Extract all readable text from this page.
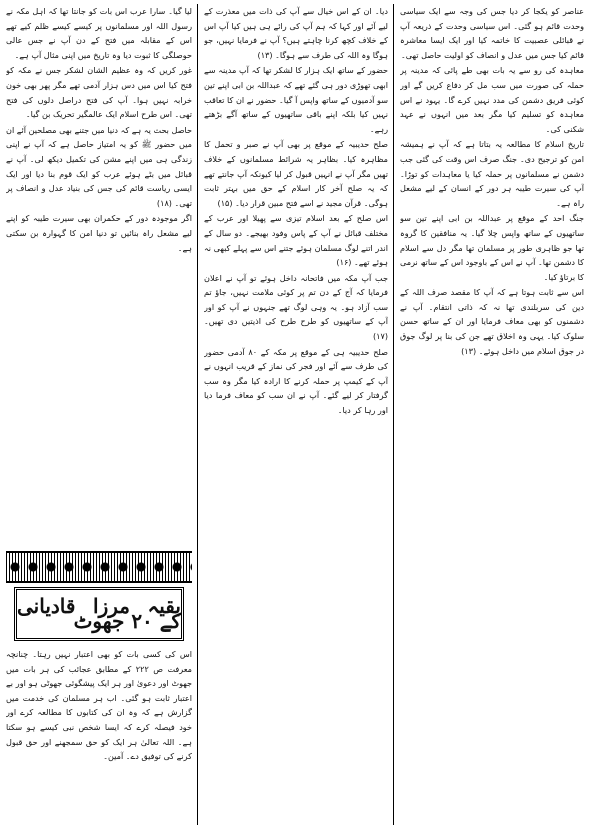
عناصر کو یکجا کر دیا جس کی وجہ سے ایک سیاسی وحدت قائم ہو گئی۔ اس سیاسی وحدت کے ذریعہ آپ نے قبائلی عصبیت کا خاتمہ کیا اور ایک ایسا معاشرہ قائم کیا جس میں عدل و انصاف کو اولیت حاصل تھی۔

معاہدہ کی رو سے یہ بات بھی طے پائی کہ مدینہ پر حملہ کی صورت میں سب مل کر دفاع کریں گے اور کوئی فریق دشمن کی مدد نہیں کرے گا۔ یہود نے اس معاہدہ کو تسلیم کیا مگر بعد میں انہوں نے عہد شکنی کی۔

تاریخ اسلام کا مطالعہ یہ بتاتا ہے کہ آپ نے ہمیشہ امن کو ترجیح دی۔ جنگ صرف اس وقت کی گئی جب دشمن نے مسلمانوں پر حملہ کیا یا معاہدات کو توڑا۔ آپ کی سیرت طیبہ ہر دور کے انسان کے لیے مشعل راہ ہے۔

جنگ احد کے موقع پر عبداللہ بن ابی اپنے تین سو ساتھیوں کے ساتھ واپس چلا گیا۔ یہ منافقین کا گروہ تھا جو ظاہری طور پر مسلمان تھا مگر دل سے اسلام کا دشمن تھا۔ آپ نے اس کے باوجود اس کے ساتھ نرمی کا برتاؤ کیا۔

اس سے ثابت ہوتا ہے کہ آپ کا مقصد صرف اللہ کے دین کی سربلندی تھا نہ کہ ذاتی انتقام۔ آپ نے دشمنوں کو بھی معاف فرمایا اور ان کے ساتھ حسن سلوک کیا۔ یہی وہ اخلاق تھے جن کی بنا پر لوگ جوق در جوق اسلام میں داخل ہوئے۔ (۱۳)

دیا۔ ان کے اس خیال سے آپ کی ذات میں معذرت کے لیے آئے اور کہا کہ ہم آپ کی رائے ہی ہیں کیا آپ اس کے خلاف کچھ کرنا چاہتے ہیں؟ آپ نے فرمایا نہیں، جو ہوگا وہ اللہ کی طرف سے ہوگا۔ (۱۳)

حضور کے ساتھ ایک ہزار کا لشکر تھا کہ آپ مدینہ سے ابھی تھوڑی دور ہی گئے تھے کہ عبداللہ بن ابی اپنے تین سو آدمیوں کے ساتھ واپس آ گیا۔ حضور نے ان کا تعاقب نہیں کیا بلکہ اپنے باقی ساتھیوں کے ساتھ آگے بڑھتے رہے۔

صلح حدیبیہ کے موقع پر بھی آپ نے صبر و تحمل کا مظاہرہ کیا۔ بظاہر یہ شرائط مسلمانوں کے خلاف تھیں مگر آپ نے انہیں قبول کر لیا کیونکہ آپ جانتے تھے کہ یہ صلح آخر کار اسلام کے حق میں بہتر ثابت ہوگی۔ قرآن مجید نے اسے فتح مبین قرار دیا۔ (۱۵)

اس صلح کے بعد اسلام تیزی سے پھیلا اور عرب کے مختلف قبائل نے آپ کے پاس وفود بھیجے۔ دو سال کے اندر اتنے لوگ مسلمان ہوئے جتنے اس سے پہلے کبھی نہ ہوئے تھے۔ (۱۶)

جب آپ مکہ میں فاتحانہ داخل ہوئے تو آپ نے اعلان فرمایا کہ آج کے دن تم پر کوئی ملامت نہیں، جاؤ تم سب آزاد ہو۔ یہ وہی لوگ تھے جنہوں نے آپ کو اور آپ کے ساتھیوں کو طرح طرح کی اذیتیں دی تھیں۔ (۱۷)

صلح حدیبیہ ہی کے موقع پر مکہ کے ۸۰ آدمی حضور کی طرف سے آئے اور فجر کی نماز کے قریب انہوں نے آپ کے کیمپ پر حملہ کرنے کا ارادہ کیا مگر وہ سب گرفتار کر لیے گئے۔ آپ نے ان سب کو معاف فرما دیا اور رہا کر دیا۔

لیا گیا۔ سارا عرب اس بات کو جانتا تھا کہ اہل مکہ نے رسول اللہ اور مسلمانوں پر کیسے کیسے ظلم کیے تھے اس کے مقابلہ میں فتح کے دن آپ نے جس عالی حوصلگی کا ثبوت دیا وہ تاریخ میں اپنی مثال آپ ہے۔

غور کریں کہ وہ عظیم الشان لشکر جس نے مکہ کو فتح کیا اس میں دس ہزار آدمی تھے مگر پھر بھی خون خرابہ نہیں ہوا۔ آپ کی فتح دراصل دلوں کی فتح تھی۔ اس طرح اسلام ایک عالمگیر تحریک بن گیا۔

حاصل بحث یہ ہے کہ دنیا میں جتنے بھی مصلحین آئے ان میں حضور ﷺ کو یہ امتیاز حاصل ہے کہ آپ نے اپنی زندگی ہی میں اپنے مشن کی تکمیل دیکھ لی۔ آپ نے قبائل میں بٹے ہوئے عرب کو ایک قوم بنا دیا اور ایک ایسی ریاست قائم کی جس کی بنیاد عدل و انصاف پر تھی۔ (۱۸)

اگر موجودہ دور کے حکمران بھی سیرت طیبہ کو اپنے لیے مشعل راہ بنائیں تو دنیا امن کا گہوارہ بن سکتی ہے۔

بقیہ مرزا قادیانی کے ۲۰ جھوٹ

اس کی کسی بات کو بھی اعتبار نہیں رہتا۔ چنانچہ معرفت ص ۲۲۲ کے مطابق عجائب کی ہر بات میں جھوٹ اور دعویٰ اور ہر ایک پیشگوئی جھوٹی ہو اور بے اعتبار ثابت ہو گئی۔ اب ہر مسلمان کی خدمت میں گزارش ہے کہ وہ ان کی کتابوں کا مطالعہ کرے اور خود فیصلہ کرے کہ ایسا شخص نبی کیسے ہو سکتا ہے۔ اللہ تعالیٰ ہر ایک کو حق سمجھنے اور حق قبول کرنے کی توفیق دے۔ آمین۔
